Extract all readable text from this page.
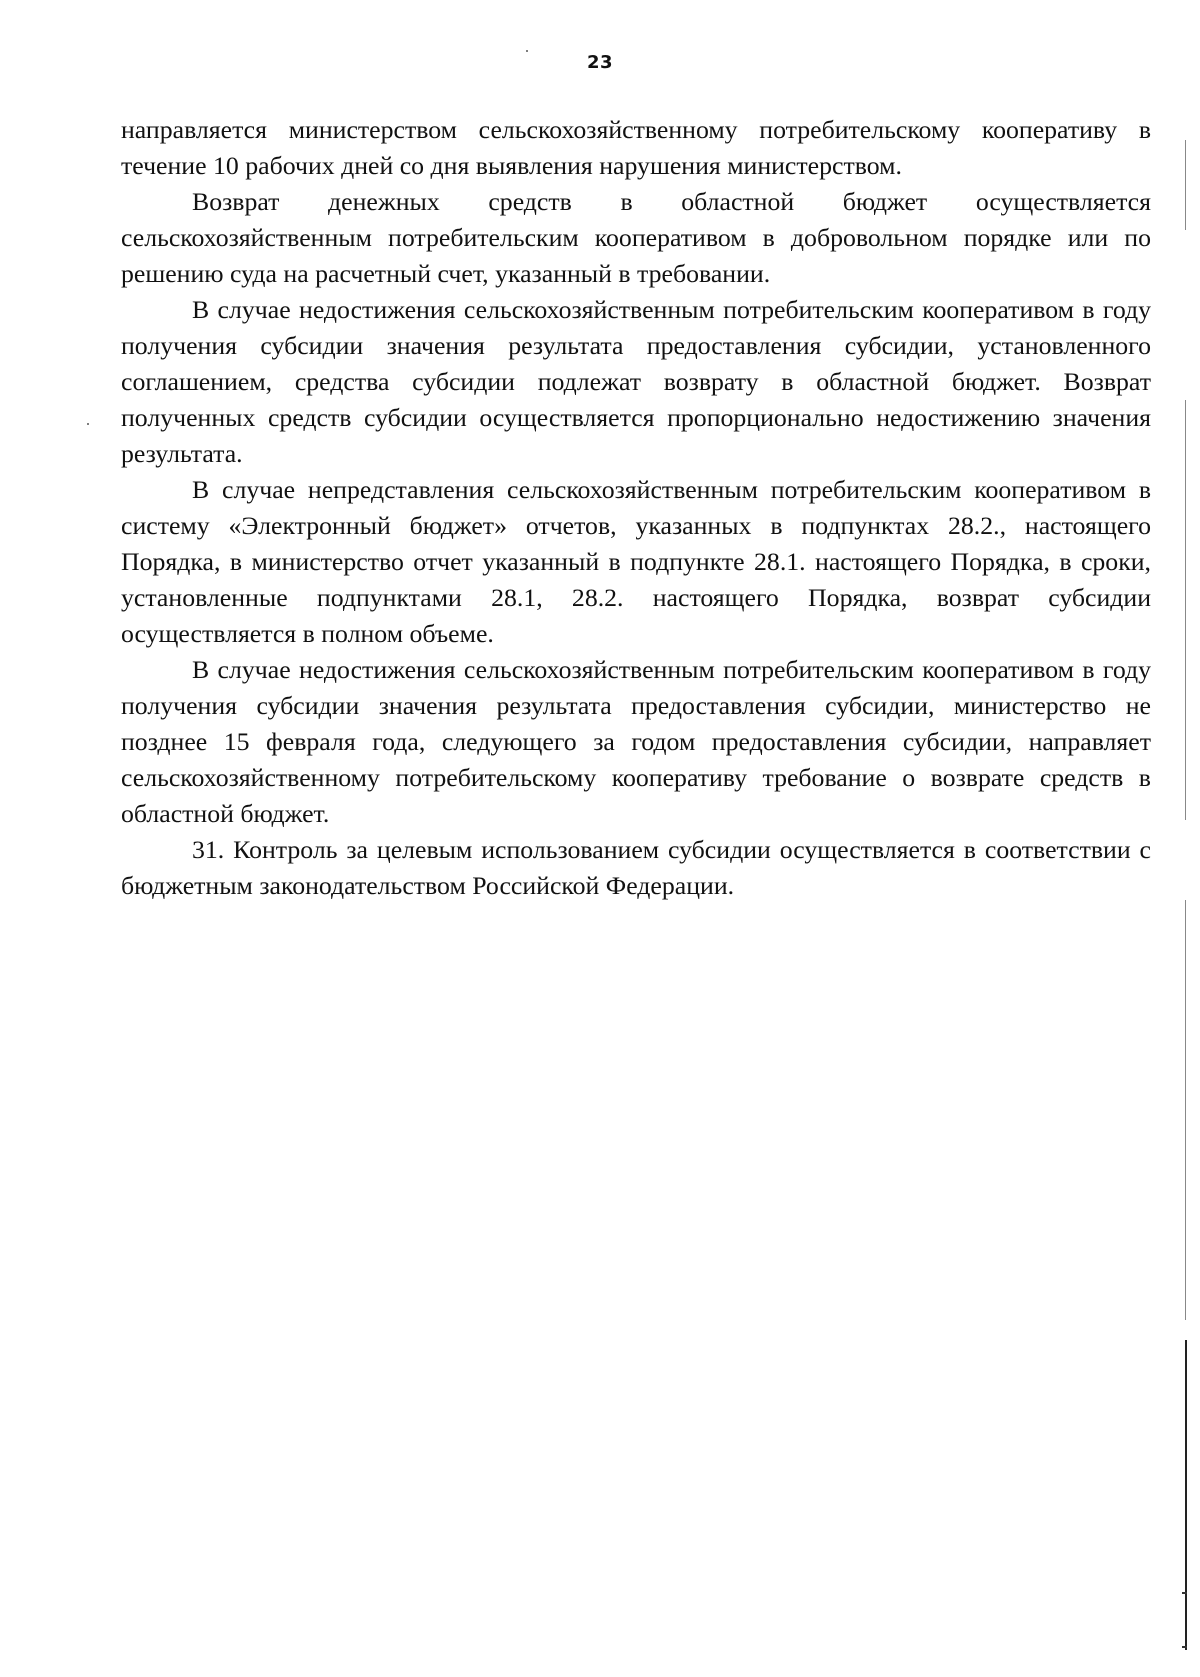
23

направляется министерством сельскохозяйственному потребительскому кооперативу в течение 10 рабочих дней со дня выявления нарушения министерством.

Возврат денежных средств в областной бюджет осуществляется сельскохозяйственным потребительским кооперативом в добровольном порядке или по решению суда на расчетный счет, указанный в требовании.

В случае недостижения сельскохозяйственным потребительским кооперативом в году получения субсидии значения результата предоставления субсидии, установленного соглашением, средства субсидии подлежат возврату в областной бюджет. Возврат полученных средств субсидии осуществляется пропорционально недостижению значения результата.

В случае непредставления сельскохозяйственным потребительским кооперативом в систему «Электронный бюджет» отчетов, указанных в подпунктах 28.2., настоящего Порядка, в министерство отчет указанный в подпункте 28.1. настоящего Порядка, в сроки, установленные подпунктами 28.1, 28.2. настоящего Порядка, возврат субсидии осуществляется в полном объеме.

В случае недостижения сельскохозяйственным потребительским кооперативом в году получения субсидии значения результата предоставления субсидии, министерство не позднее 15 февраля года, следующего за годом предоставления субсидии, направляет сельскохозяйственному потребительскому кооперативу требование о возврате средств в областной бюджет.

31. Контроль за целевым использованием субсидии осуществляется в соответствии с бюджетным законодательством Российской Федерации.
